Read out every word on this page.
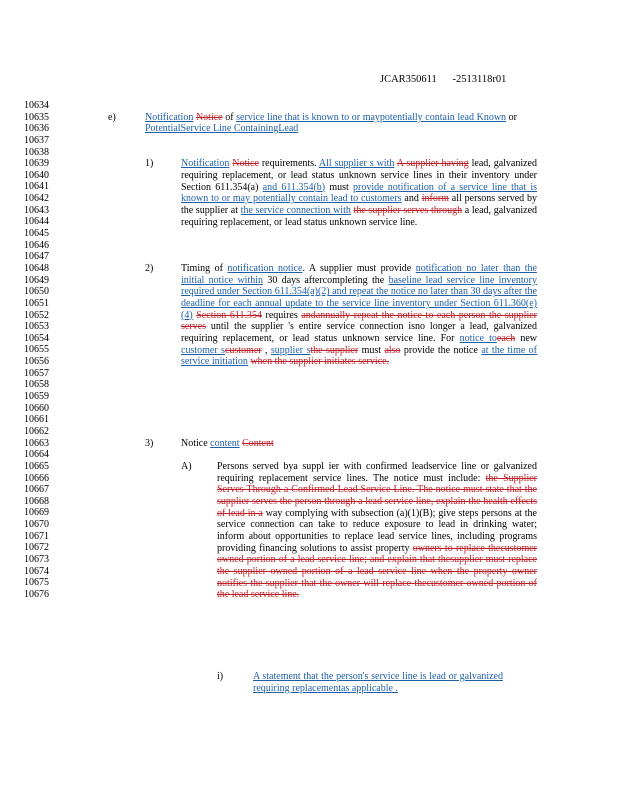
JCAR350611 -2513118r01
10634
10635
10636
10637
10638
10639
10640
10641
10642
10643
10644
10645
10646
10647
10648
10649
10650
10651
10652
10653
10654
10655
10656
10657
10658
10659
10660
10661
10662
10663
10664
10665
10666
10667
10668
10669
10670
10671
10672
10673
10674
10675
10676
e)	Notification Notice of service line that is known to or maypotentially contain lead Known or PotentialService Line ContainingLead
1)	Notification Notice requirements. All supplier s with A supplier having lead, galvanized requiring replacement, or lead status unknown service lines in their inventory under Section 611.354(a) and 611.354(b) must provide notification of a service line that is known to or may potentially contain lead to customers and inform all persons served by the supplier at the service connection with the supplier serves through a lead, galvanized requiring replacement, or lead status unknown service line.
2)	Timing of notification notice. A supplier must provide notification no later than the initial notice within 30 days aftercompleting the baseline lead service line inventory required under Section 611.354(a)(2) and repeat the notice no later than 30 days after the deadline for each annual update to the service line inventory under Section 611.360(e)(4) Section 611.354 requires andannually repeat the notice to each person the supplier serves until the supplier 's entire service connection isno longer a lead, galvanized requiring replacement, or lead status unknown service line. For notice toeach new customer scustomer , supplier sthe supplier must also provide the notice at the time of service initiation when the supplier initiates service.
3)	Notice content Content
A)	Persons served bya suppl ier with confirmed leadservice line or galvanized requiring replacement service lines. The notice must include: the Supplier Serves Through a Confirmed Lead Service Line. The notice must state that the supplier serves the person through a lead service line, explain the health effects of lead in a way complying with subsection (a)(1)(B); give steps persons at the service connection can take to reduce exposure to lead in drinking water; inform about opportunities to replace lead service lines, including programs providing financing solutions to assist property owners to replace thecustomer owned portion of a lead service line; and explain that thesupplier must replace the supplier owned portion of a lead service line when the property owner notifies the supplier that the owner will replace thecustomer owned portion of the lead service line.
i)	A statement that the person's service line is lead or galvanized requiring replacementas applicable .
